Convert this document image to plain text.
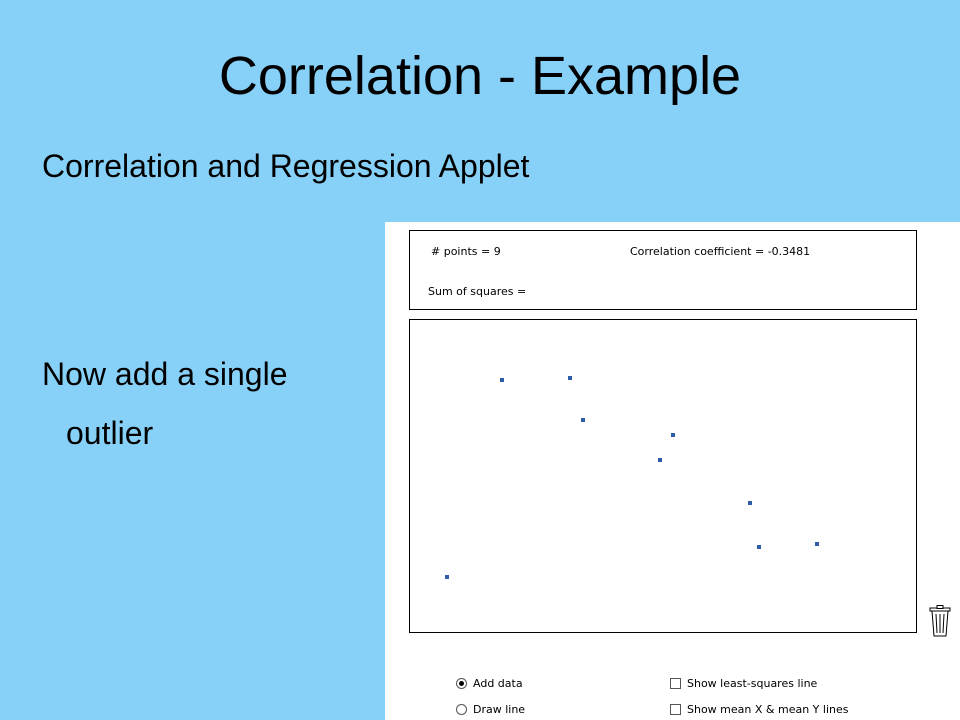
Correlation - Example
Correlation and Regression Applet
Now add a single
outlier
# points = 9	Correlation coefficient = -0.3481
Sum of squares =
Add data
Draw line
Show least-squares line
Show mean X & mean Y lines
